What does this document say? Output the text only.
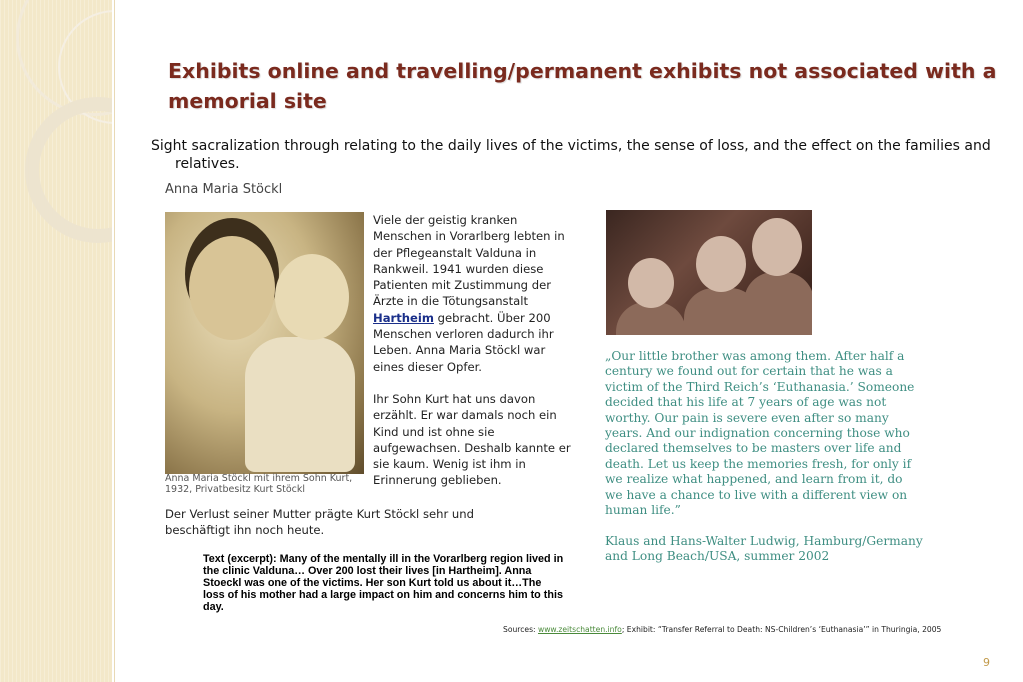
Exhibits online and travelling/permanent exhibits not associated with a memorial site
Sight sacralization through relating to the daily lives of the victims, the sense of loss, and the effect on the families and relatives.
Anna Maria Stöckl
Anna Maria Stöckl mit ihrem Sohn Kurt, 1932, Privatbesitz Kurt Stöckl

Viele der geistig kranken Menschen in Vorarlberg lebten in der Pflegeanstalt Valduna in Rankweil. 1941 wurden diese Patienten mit Zustimmung der Ärzte in die Tötungsanstalt Hartheim gebracht. Über 200 Menschen verloren dadurch ihr Leben. Anna Maria Stöckl war eines dieser Opfer.

Ihr Sohn Kurt hat uns davon erzählt. Er war damals noch ein Kind und ist ohne sie aufgewachsen. Deshalb kannte er sie kaum. Wenig ist ihm in Erinnerung geblieben.

Der Verlust seiner Mutter prägte Kurt Stöckl sehr und beschäftigt ihn noch heute.
Text (excerpt): Many of the mentally ill in the Vorarlberg region lived in the clinic Valduna… Over 200 lost their lives [in Hartheim]. Anna Stoeckl was one of the victims. Her son Kurt told us about it…The loss of his mother had a large impact on him and concerns him to this day.
„Our little brother was among them. After half a century we found out for certain that he was a victim of the Third Reich’s ‘Euthanasia.’ Someone decided that his life at 7 years of age was not worthy. Our pain is severe even after so many years. And our indignation concerning those who declared themselves to be masters over life and death. Let us keep the memories fresh, for only if we realize what happened, and learn from it, do we have a chance to live with a different view on human life.”
Klaus and Hans-Walter Ludwig, Hamburg/Germany and Long Beach/USA, summer 2002
Sources: www.zeitschatten.info; Exhibit: “Transfer Referral to Death: NS-Children’s ‘Euthanasia’” in Thuringia, 2005
9
